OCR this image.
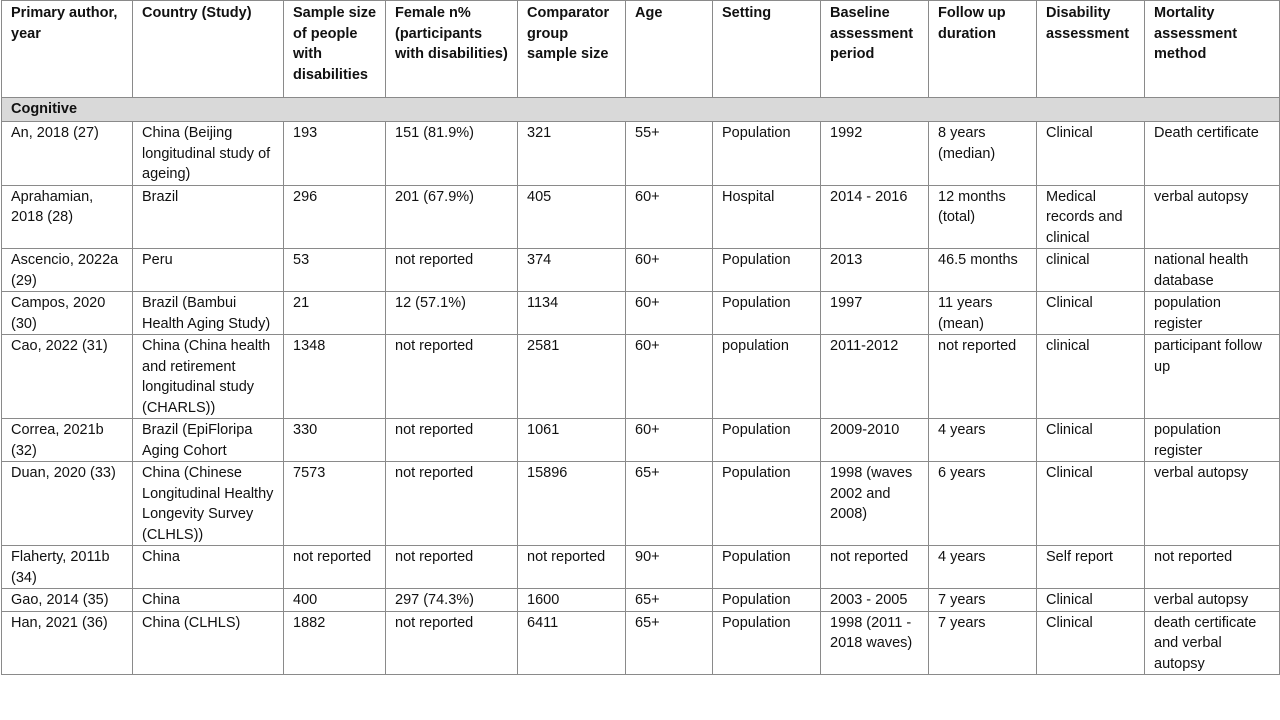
Primary author, year	Country (Study)	Sample size of people with disabilities	Female n% (participants with disabilities)	Comparator group sample size	Age	Setting	Baseline assessment period	Follow up duration	Disability assessment	Mortality assessment method
Cognitive										
An, 2018 (27)	China (Beijing longitudinal study of ageing)	193	151 (81.9%)	321	55+	Population	1992	8 years (median)	Clinical	Death certificate
Aprahamian, 2018 (28)	Brazil	296	201 (67.9%)	405	60+	Hospital	2014 - 2016	12 months (total)	Medical records and clinical	verbal autopsy
Ascencio, 2022a (29)	Peru	53	not reported	374	60+	Population	2013	46.5 months	clinical	national health database
Campos, 2020 (30)	Brazil (Bambui Health Aging Study)	21	12 (57.1%)	1134	60+	Population	1997	11 years (mean)	Clinical	population register
Cao, 2022 (31)	China (China health and retirement longitudinal study (CHARLS))	1348	not reported	2581	60+	population	2011-2012	not reported	clinical	participant follow up
Correa, 2021b (32)	Brazil (EpiFloripa Aging Cohort	330	not reported	1061	60+	Population	2009-2010	4 years	Clinical	population register
Duan, 2020 (33)	China (Chinese Longitudinal Healthy Longevity Survey (CLHLS))	7573	not reported	15896	65+	Population	1998 (waves 2002 and 2008)	6 years	Clinical	verbal autopsy
Flaherty, 2011b (34)	China	not reported	not reported	not reported	90+	Population	not reported	4 years	Self report	not reported
Gao, 2014 (35)	China	400	297 (74.3%)	1600	65+	Population	2003 - 2005	7 years	Clinical	verbal autopsy
Han, 2021 (36)	China (CLHLS)	1882	not reported	6411	65+	Population	1998 (2011 - 2018 waves)	7 years	Clinical	death certificate and verbal autopsy
